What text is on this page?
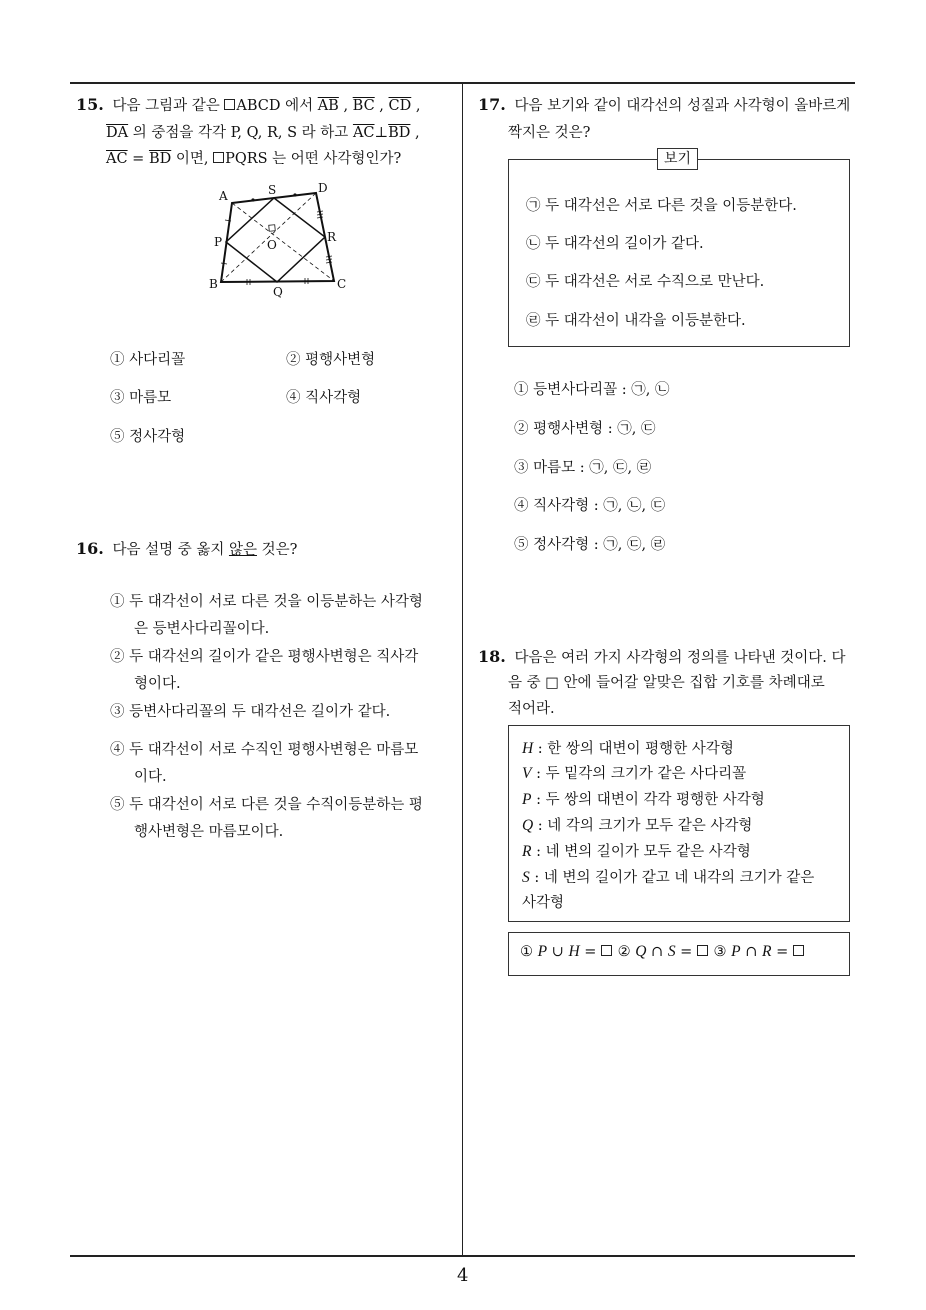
15. 다음 그림과 같은 ABCD 에서 $\overline{AB}$ , $\overline{BC}$ , $\overline{CD}$ ,
$\overline{DA}$ 의 중점을 각각 P, Q, R, S 라 하고 $\overline{AC}\perp\overline{BD}$ ,
$\overline{AC} = \overline{BD}$ 이면, PQRS 는 어떤 사각형인가?
A	S	D
P	O
R
B
Q
C
① 사다리꼴	② 평행사변형
③ 마름모	④ 직사각형
⑤ 정사각형
16. 다음 설명 중 옳지 않은 것은?
① 두 대각선이 서로 다른 것을 이등분하는 사각형
은 등변사다리꼴이다.
② 두 대각선의 길이가 같은 평행사변형은 직사각
형이다.
③ 등변사다리꼴의 두 대각선은 길이가 같다.
④ 두 대각선이 서로 수직인 평행사변형은 마름모
이다.
⑤ 두 대각선이 서로 다른 것을 수직이등분하는 평
행사변형은 마름모이다.
17. 다음 보기와 같이 대각선의 성질과 사각형이 올바르게
짝지은 것은?
보기
㉠ 두 대각선은 서로 다른 것을 이등분한다.
㉡ 두 대각선의 길이가 같다.
㉢ 두 대각선은 서로 수직으로 만난다.
㉣ 두 대각선이 내각을 이등분한다.
① 등변사다리꼴 : ㉠, ㉡
② 평행사변형 : ㉠, ㉢
③ 마름모 : ㉠, ㉢, ㉣
④ 직사각형 : ㉠, ㉡, ㉢
⑤ 정사각형 : ㉠, ㉢, ㉣
18. 다음은 여러 가지 사각형의 정의를 나타낸 것이다. 다
음 중 □ 안에 들어갈 알맞은 집합 기호를 차례대로
적어라.
H : 한 쌍의 대변이 평행한 사각형
V : 두 밑각의 크기가 같은 사다리꼴
P : 두 쌍의 대변이 각각 평행한 사각형
Q : 네 각의 크기가 모두 같은 사각형
R : 네 변의 길이가 모두 같은 사각형
S : 네 변의 길이가 같고 네 내각의 크기가 같은
사각형
① P ∪ H =  ② Q ∩ S =  ③ P ∩ R =
4
